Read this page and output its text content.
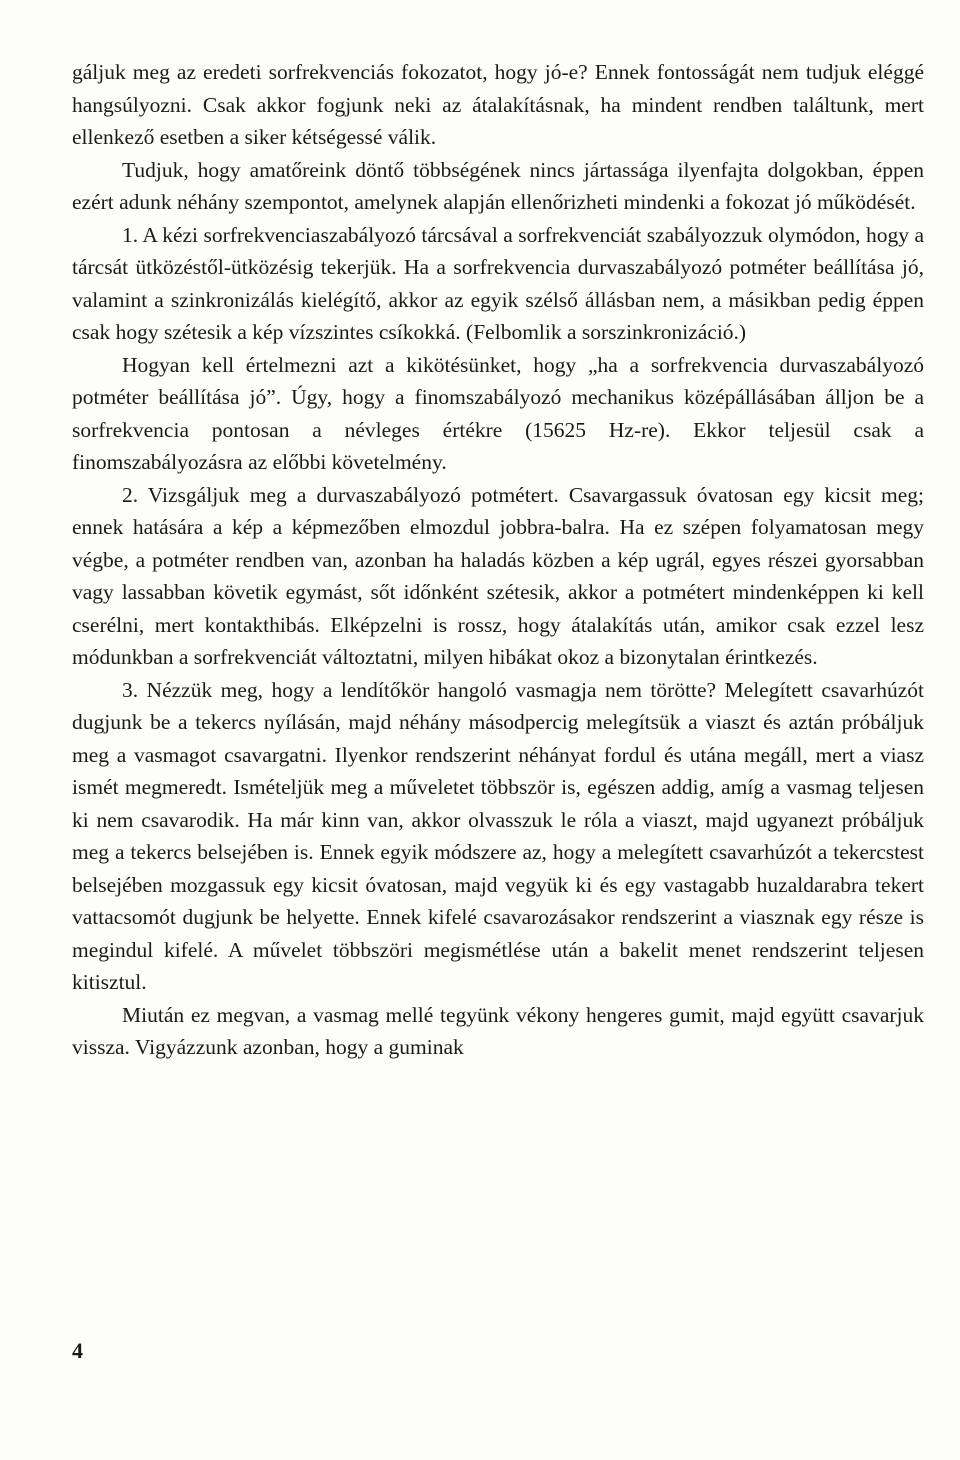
gáljuk meg az eredeti sorfrekvenciás fokozatot, hogy jó-e? Ennek fontosságát nem tudjuk eléggé hangsúlyozni. Csak akkor fogjunk neki az átalakításnak, ha mindent rendben találtunk, mert ellenkező esetben a siker kétségessé válik.

Tudjuk, hogy amatőreink döntő többségének nincs jártassága ilyenfajta dolgokban, éppen ezért adunk néhány szempontot, amelynek alapján ellenőrizheti mindenki a fokozat jó működését.

1. A kézi sorfrekvenciaszabályozó tárcsával a sorfrekvenciát szabályozzuk olymódon, hogy a tárcsát ütközéstől-ütközésig tekerjük. Ha a sorfrekvencia durvaszabályozó potméter beállítása jó, valamint a szinkronizálás kielégítő, akkor az egyik szélső állásban nem, a másikban pedig éppen csak hogy szétesik a kép vízszintes csíkokká. (Felbomlik a sorszinkronizáció.)

Hogyan kell értelmezni azt a kikötésünket, hogy „ha a sorfrekvencia durvaszabályozó potméter beállítása jó”. Úgy, hogy a finomszabályozó mechanikus középállásában álljon be a sorfrekvencia pontosan a névleges értékre (15625 Hz-re). Ekkor teljesül csak a finomszabályozásra az előbbi követelmény.

2. Vizsgáljuk meg a durvaszabályozó potmétert. Csavargassuk óvatosan egy kicsit meg; ennek hatására a kép a képmezőben elmozdul jobbra-balra. Ha ez szépen folyamatosan megy végbe, a potméter rendben van, azonban ha haladás közben a kép ugrál, egyes részei gyorsabban vagy lassabban követik egymást, sőt időnként szétesik, akkor a potmétert mindenképpen ki kell cserélni, mert kontakthibás. Elképzelni is rossz, hogy átalakítás után, amikor csak ezzel lesz módunkban a sorfrekvenciát változtatni, milyen hibákat okoz a bizonytalan érintkezés.

3. Nézzük meg, hogy a lendítőkör hangoló vasmagja nem törötte? Melegített csavarhúzót dugjunk be a tekercs nyílásán, majd néhány másodpercig melegítsük a viaszt és aztán próbáljuk meg a vasmagot csavargatni. Ilyenkor rendszerint néhányat fordul és utána megáll, mert a viasz ismét megmeredt. Ismételjük meg a műveletet többször is, egészen addig, amíg a vasmag teljesen ki nem csavarodik. Ha már kinn van, akkor olvasszuk le róla a viaszt, majd ugyanezt próbáljuk meg a tekercs belsejében is. Ennek egyik módszere az, hogy a melegített csavarhúzót a tekercstest belsejében mozgassuk egy kicsit óvatosan, majd vegyük ki és egy vastagabb huzaldarabra tekert vattacsomót dugjunk be helyette. Ennek kifelé csavarozásakor rendszerint a viasznak egy része is megindul kifelé. A művelet többszöri megismétlése után a bakelit menet rendszerint teljesen kitisztul.

Miután ez megvan, a vasmag mellé tegyünk vékony hengeres gumit, majd együtt csavarjuk vissza. Vigyázzunk azonban, hogy a guminak

4
